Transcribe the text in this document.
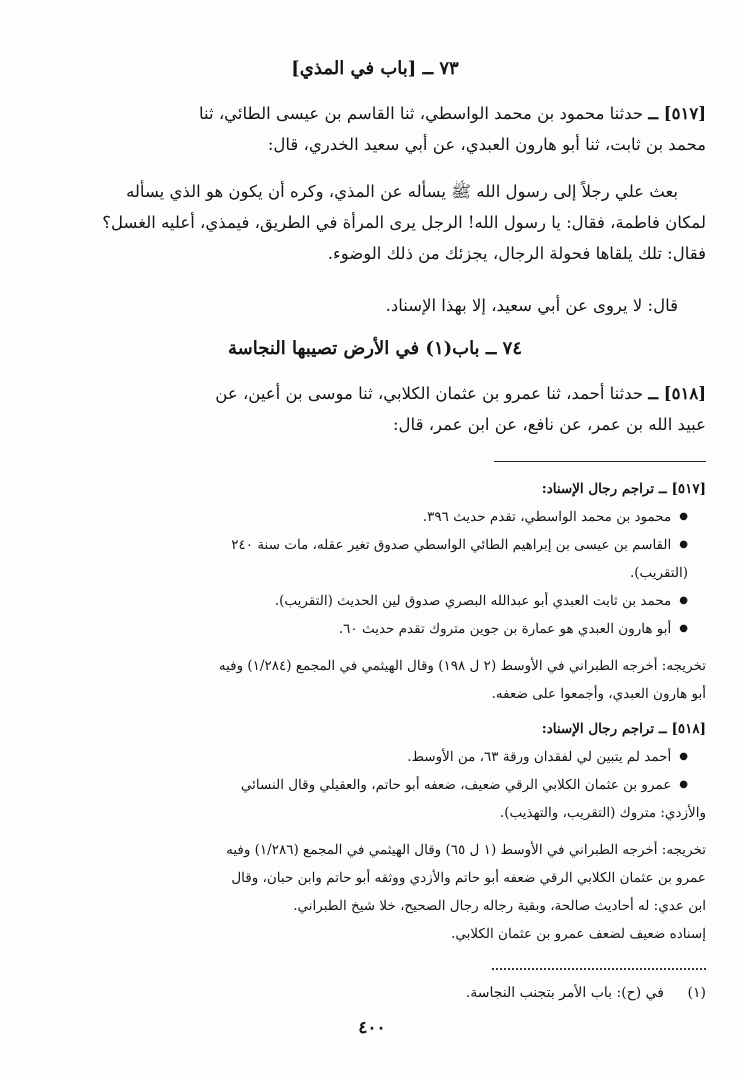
٧٣ ــ [باب في المذي]
[٥١٧] ــ حدثنا محمود بن محمد الواسطي، ثنا القاسم بن عيسى الطائي، ثنا
محمد بن ثابت، ثنا أبو هارون العبدي، عن أبي سعيد الخدري، قال:
بعث علي رجلاً إلى رسول الله ﷺ يسأله عن المذي، وكره أن يكون هو الذي يسأله
لمكان فاطمة، فقال: يا رسول الله! الرجل يرى المرأة في الطريق، فيمذي، أعليه الغسل؟
فقال: تلك يلقاها فحولة الرجال، يجزئك من ذلك الوضوء.
قال: لا يروى عن أبي سعيد، إلا بهذا الإسناد.
٧٤ ــ باب(١) في الأرض تصيبها النجاسة
[٥١٨] ــ حدثنا أحمد، ثنا عمرو بن عثمان الكلابي، ثنا موسى بن أعين، عن
عبيد الله بن عمر، عن نافع، عن ابن عمر، قال:
[٥١٧] ــ تراجم رجال الإسناد:
● محمود بن محمد الواسطي، تقدم حديث ٣٩٦.
● القاسم بن عيسى بن إبراهيم الطائي الواسطي صدوق تغير عقله، مات سنة ٢٤٠
(التقريب).
● محمد بن ثابت العبدي أبو عبدالله البصري صدوق لين الحديث (التقريب).
● أبو هارون العبدي هو عمارة بن جوين متروك تقدم حديث ٦٠.
تخريجه: أخرجه الطبراني في الأوسط (٢ ل ١٩٨) وقال الهيثمي في المجمع (١/٢٨٤) وفيه
أبو هارون العبدي، وأجمعوا على ضعفه.
[٥١٨] ــ تراجم رجال الإسناد:
● أحمد لم يتبين لي لفقدان ورقة ٦٣، من الأوسط.
● عمرو بن عثمان الكلابي الرقي ضعيف، ضعفه أبو حاتم، والعقيلي وقال النسائي
والأزدي: متروك (التقريب، والتهذيب).
تخريجه: أخرجه الطبراني في الأوسط (١ ل ٦٥) وقال الهيثمي في المجمع (١/٢٨٦) وفيه
عمرو بن عثمان الكلابي الرقي ضعفه أبو حاتم والأزدي ووثقه أبو حاتم وابن حبان، وقال
ابن عدي: له أحاديث صالحة، وبقية رجاله رجال الصحيح، خلا شيخ الطبراني.
إسناده ضعيف لضعف عمرو بن عثمان الكلابي.
(١)في (ح): باب الأمر بتجنب النجاسة.
٤٠٠
